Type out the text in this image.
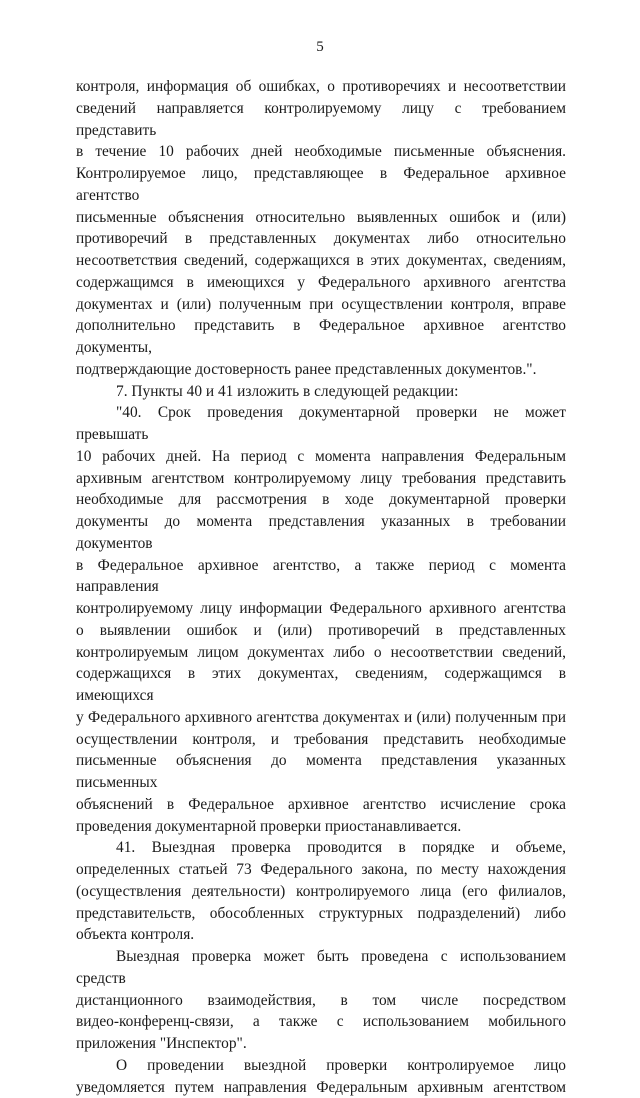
5

контроля, информация об ошибках, о противоречиях и несоответствии
сведений направляется контролируемому лицу с требованием представить
в течение 10 рабочих дней необходимые письменные объяснения.
Контролируемое лицо, представляющее в Федеральное архивное агентство
письменные объяснения относительно выявленных ошибок и (или)
противоречий в представленных документах либо относительно
несоответствия сведений, содержащихся в этих документах, сведениям,
содержащимся в имеющихся у Федерального архивного агентства
документах и (или) полученным при осуществлении контроля, вправе
дополнительно представить в Федеральное архивное агентство документы,
подтверждающие достоверность ранее представленных документов.".

7. Пункты 40 и 41 изложить в следующей редакции:

"40. Срок проведения документарной проверки не может превышать
10 рабочих дней. На период с момента направления Федеральным
архивным агентством контролируемому лицу требования представить
необходимые для рассмотрения в ходе документарной проверки
документы до момента представления указанных в требовании документов
в Федеральное архивное агентство, а также период с момента направления
контролируемому лицу информации Федерального архивного агентства
о выявлении ошибок и (или) противоречий в представленных
контролируемым лицом документах либо о несоответствии сведений,
содержащихся в этих документах, сведениям, содержащимся в имеющихся
у Федерального архивного агентства документах и (или) полученным при
осуществлении контроля, и требования представить необходимые
письменные объяснения до момента представления указанных письменных
объяснений в Федеральное архивное агентство исчисление срока
проведения документарной проверки приостанавливается.

41. Выездная проверка проводится в порядке и объеме,
определенных статьей 73 Федерального закона, по месту нахождения
(осуществления деятельности) контролируемого лица (его филиалов,
представительств, обособленных структурных подразделений) либо
объекта контроля.

Выездная проверка может быть проведена с использованием средств
дистанционного взаимодействия, в том числе посредством
видео-конференц-связи, а также с использованием мобильного
приложения "Инспектор".

О проведении выездной проверки контролируемое лицо
уведомляется путем направления Федеральным архивным агентством
